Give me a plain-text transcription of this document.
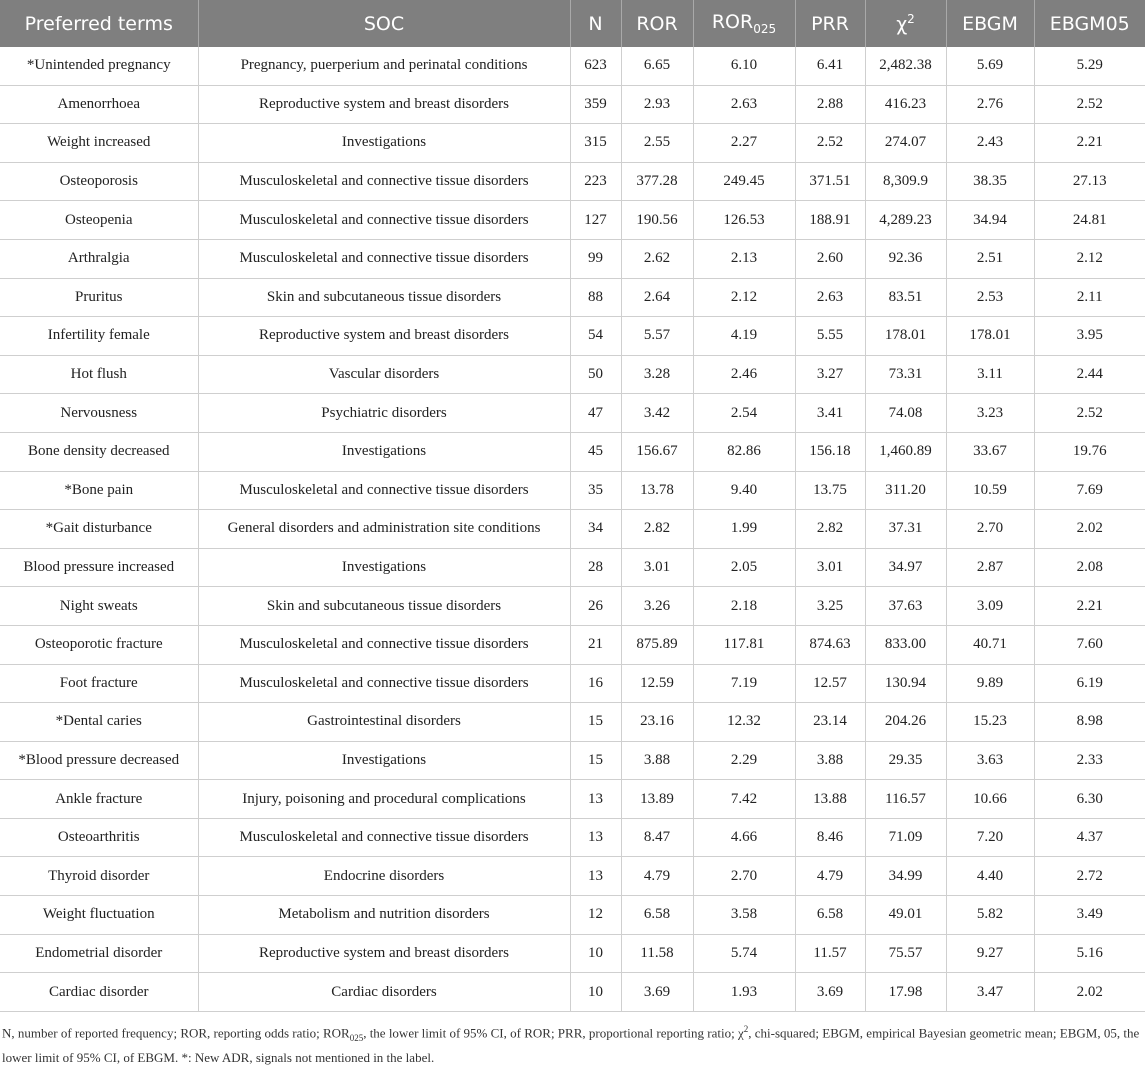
Preferred terms	SOC	N	ROR	$ROR_{025}$	PRR	$\chi^2$	EBGM	EBGM05
*Unintended pregnancy	Pregnancy, puerperium and perinatal conditions	623	6.65	6.10	6.41	2,482.38	5.69	5.29
Amenorrhoea	Reproductive system and breast disorders	359	2.93	2.63	2.88	416.23	2.76	2.52
Weight increased	Investigations	315	2.55	2.27	2.52	274.07	2.43	2.21
Osteoporosis	Musculoskeletal and connective tissue disorders	223	377.28	249.45	371.51	8,309.9	38.35	27.13
Osteopenia	Musculoskeletal and connective tissue disorders	127	190.56	126.53	188.91	4,289.23	34.94	24.81
Arthralgia	Musculoskeletal and connective tissue disorders	99	2.62	2.13	2.60	92.36	2.51	2.12
Pruritus	Skin and subcutaneous tissue disorders	88	2.64	2.12	2.63	83.51	2.53	2.11
Infertility female	Reproductive system and breast disorders	54	5.57	4.19	5.55	178.01	178.01	3.95
Hot flush	Vascular disorders	50	3.28	2.46	3.27	73.31	3.11	2.44
Nervousness	Psychiatric disorders	47	3.42	2.54	3.41	74.08	3.23	2.52
Bone density decreased	Investigations	45	156.67	82.86	156.18	1,460.89	33.67	19.76
*Bone pain	Musculoskeletal and connective tissue disorders	35	13.78	9.40	13.75	311.20	10.59	7.69
*Gait disturbance	General disorders and administration site conditions	34	2.82	1.99	2.82	37.31	2.70	2.02
Blood pressure increased	Investigations	28	3.01	2.05	3.01	34.97	2.87	2.08
Night sweats	Skin and subcutaneous tissue disorders	26	3.26	2.18	3.25	37.63	3.09	2.21
Osteoporotic fracture	Musculoskeletal and connective tissue disorders	21	875.89	117.81	874.63	833.00	40.71	7.60
Foot fracture	Musculoskeletal and connective tissue disorders	16	12.59	7.19	12.57	130.94	9.89	6.19
*Dental caries	Gastrointestinal disorders	15	23.16	12.32	23.14	204.26	15.23	8.98
*Blood pressure decreased	Investigations	15	3.88	2.29	3.88	29.35	3.63	2.33
Ankle fracture	Injury, poisoning and procedural complications	13	13.89	7.42	13.88	116.57	10.66	6.30
Osteoarthritis	Musculoskeletal and connective tissue disorders	13	8.47	4.66	8.46	71.09	7.20	4.37
Thyroid disorder	Endocrine disorders	13	4.79	2.70	4.79	34.99	4.40	2.72
Weight fluctuation	Metabolism and nutrition disorders	12	6.58	3.58	6.58	49.01	5.82	3.49
Endometrial disorder	Reproductive system and breast disorders	10	11.58	5.74	11.57	75.57	9.27	5.16
Cardiac disorder	Cardiac disorders	10	3.69	1.93	3.69	17.98	3.47	2.02

N, number of reported frequency; ROR, reporting odds ratio; $ROR_{025}$, the lower limit of 95% CI, of ROR; PRR, proportional reporting ratio; $\chi^2$, chi-squared; EBGM, empirical Bayesian geometric mean; EBGM, 05, the lower limit of 95% CI, of EBGM. *: New ADR, signals not mentioned in the label.
